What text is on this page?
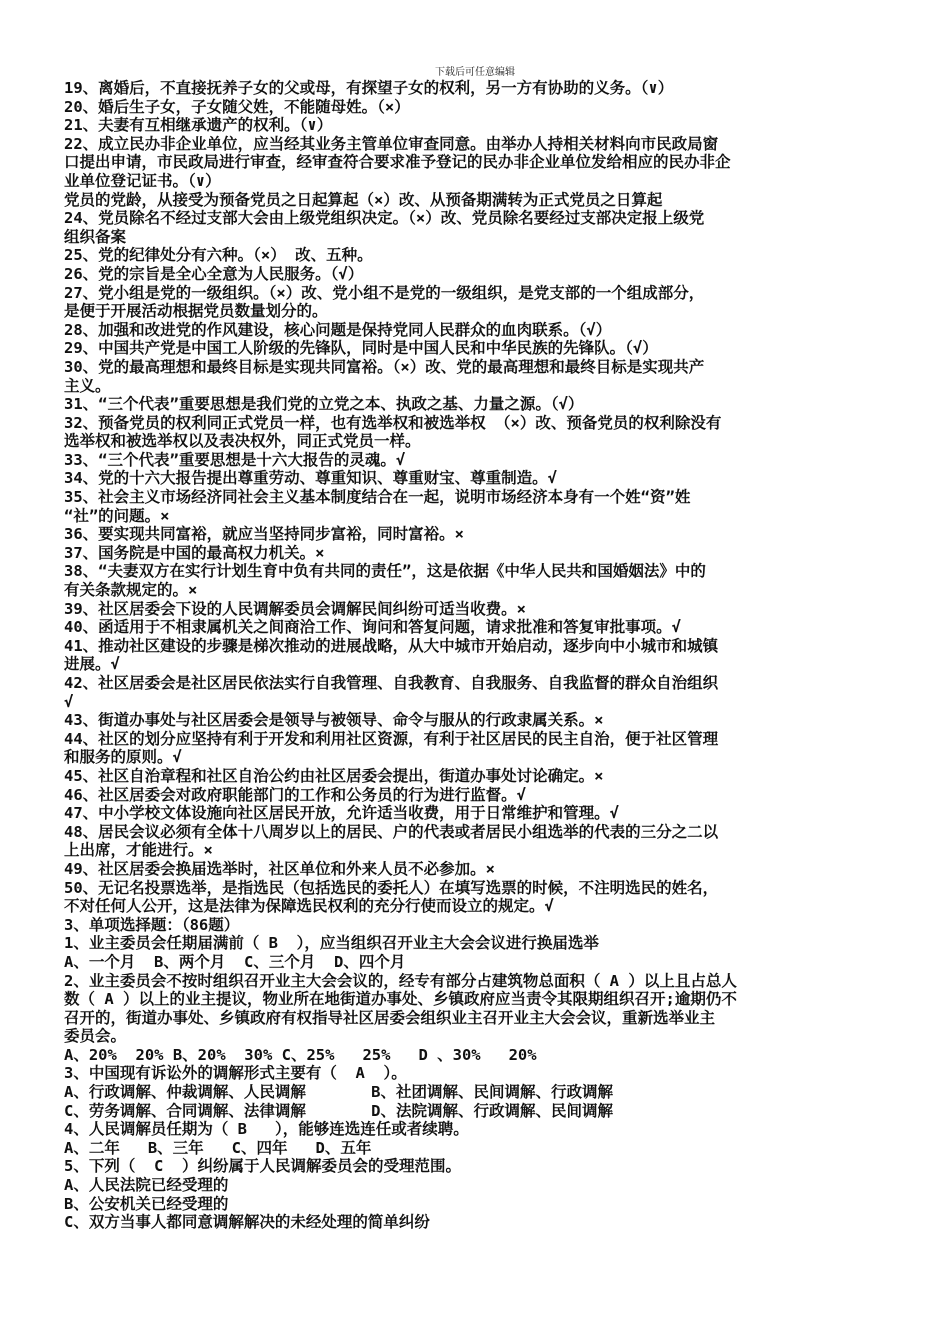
下载后可任意编辑
19、离婚后，不直接抚养子女的父或母，有探望子女的权利，另一方有协助的义务。（∨）
20、婚后生子女，子女随父姓，不能随母姓。（×）
21、夫妻有互相继承遗产的权利。（∨）
22、成立民办非企业单位，应当经其业务主管单位审查同意。由举办人持相关材料向市民政局窗
口提出申请，市民政局进行审查，经审查符合要求准予登记的民办非企业单位发给相应的民办非企
业单位登记证书。（∨）
党员的党龄，从接受为预备党员之日起算起（×）改、从预备期满转为正式党员之日算起
24、党员除名不经过支部大会由上级党组织决定。（×）改、党员除名要经过支部决定报上级党
组织备案
25、党的纪律处分有六种。（×） 改、五种。
26、党的宗旨是全心全意为人民服务。（√）
27、党小组是党的一级组织。（×）改、党小组不是党的一级组织，是党支部的一个组成部分，
是便于开展活动根据党员数量划分的。
28、加强和改进党的作风建设，核心问题是保持党同人民群众的血肉联系。（√）
29、中国共产党是中国工人阶级的先锋队，同时是中国人民和中华民族的先锋队。（√）
30、党的最高理想和最终目标是实现共同富裕。（×）改、党的最高理想和最终目标是实现共产
主义。
31、“三个代表”重要思想是我们党的立党之本、执政之基、力量之源。（√）
32、预备党员的权利同正式党员一样，也有选举权和被选举权 （×）改、预备党员的权利除没有
选举权和被选举权以及表决权外，同正式党员一样。
33、“三个代表”重要思想是十六大报告的灵魂。√
34、党的十六大报告提出尊重劳动、尊重知识、尊重财宝、尊重制造。√
35、社会主义市场经济同社会主义基本制度结合在一起，说明市场经济本身有一个姓“资”姓
“社”的问题。×
36、要实现共同富裕，就应当坚持同步富裕，同时富裕。×
37、国务院是中国的最高权力机关。×
38、“夫妻双方在实行计划生育中负有共同的责任”，这是依据《中华人民共和国婚姻法》中的
有关条款规定的。×
39、社区居委会下设的人民调解委员会调解民间纠纷可适当收费。×
40、函适用于不相隶属机关之间商洽工作、询问和答复问题，请求批准和答复审批事项。√
41、推动社区建设的步骤是梯次推动的进展战略，从大中城市开始启动，逐步向中小城市和城镇
进展。√
42、社区居委会是社区居民依法实行自我管理、自我教育、自我服务、自我监督的群众自治组织
√
43、街道办事处与社区居委会是领导与被领导、命令与服从的行政隶属关系。×
44、社区的划分应坚持有利于开发和利用社区资源，有利于社区居民的民主自治，便于社区管理
和服务的原则。√
45、社区自治章程和社区自治公约由社区居委会提出，街道办事处讨论确定。×
46、社区居委会对政府职能部门的工作和公务员的行为进行监督。√
47、中小学校文体设施向社区居民开放，允许适当收费，用于日常维护和管理。√
48、居民会议必须有全体十八周岁以上的居民、户的代表或者居民小组选举的代表的三分之二以
上出席，才能进行。×
49、社区居委会换届选举时，社区单位和外来人员不必参加。×
50、无记名投票选举，是指选民（包括选民的委托人）在填写选票的时候，不注明选民的姓名，
不对任何人公开，这是法律为保障选民权利的充分行使而设立的规定。√
3、单项选择题：（86题）
1、业主委员会任期届满前（ B  ），应当组织召开业主大会会议进行换届选举
A、一个月  B、两个月  C、三个月  D、四个月
2、业主委员会不按时组织召开业主大会会议的，经专有部分占建筑物总面积（ A ）以上且占总人
数（ A ）以上的业主提议，物业所在地街道办事处、乡镇政府应当责令其限期组织召开;逾期仍不
召开的，街道办事处、乡镇政府有权指导社区居委会组织业主召开业主大会会议，重新选举业主
委员会。
A、20%  20% B、20%  30% C、25%   25%   D 、30%   20%
3、中国现有诉讼外的调解形式主要有（  A  ）。
A、行政调解、仲裁调解、人民调解       B、社团调解、民间调解、行政调解
C、劳务调解、合同调解、法律调解       D、法院调解、行政调解、民间调解
4、人民调解员任期为（ B   ），能够连选连任或者续聘。
A、二年   B、三年   C、四年   D、五年
5、下列（  C  ）纠纷属于人民调解委员会的受理范围。
A、人民法院已经受理的
B、公安机关已经受理的
C、双方当事人都同意调解解决的未经处理的简单纠纷
